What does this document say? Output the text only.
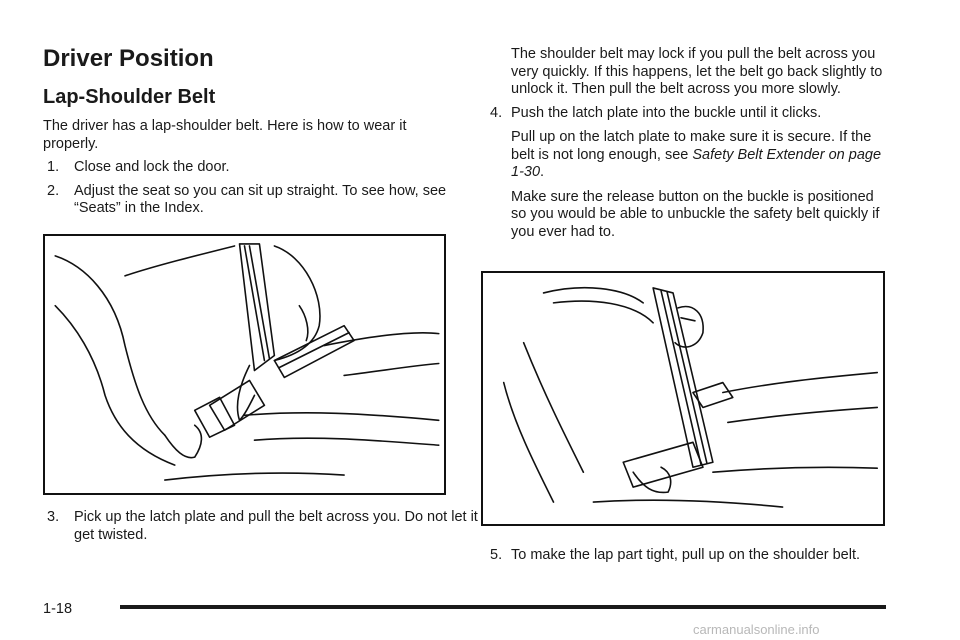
Driver Position
Lap-Shoulder Belt

The driver has a lap-shoulder belt. Here is how to wear it properly.

1. Close and lock the door.
2. Adjust the seat so you can sit up straight. To see how, see “Seats” in the Index.
3. Pick up the latch plate and pull the belt across you. Do not let it get twisted.

The shoulder belt may lock if you pull the belt across you very quickly. If this happens, let the belt go back slightly to unlock it. Then pull the belt across you more slowly.

4. Push the latch plate into the buckle until it clicks.

Pull up on the latch plate to make sure it is secure. If the belt is not long enough, see Safety Belt Extender on page 1-30.

Make sure the release button on the buckle is positioned so you would be able to unbuckle the safety belt quickly if you ever had to.

5. To make the lap part tight, pull up on the shoulder belt.
1-18
carmanualsonline.info
